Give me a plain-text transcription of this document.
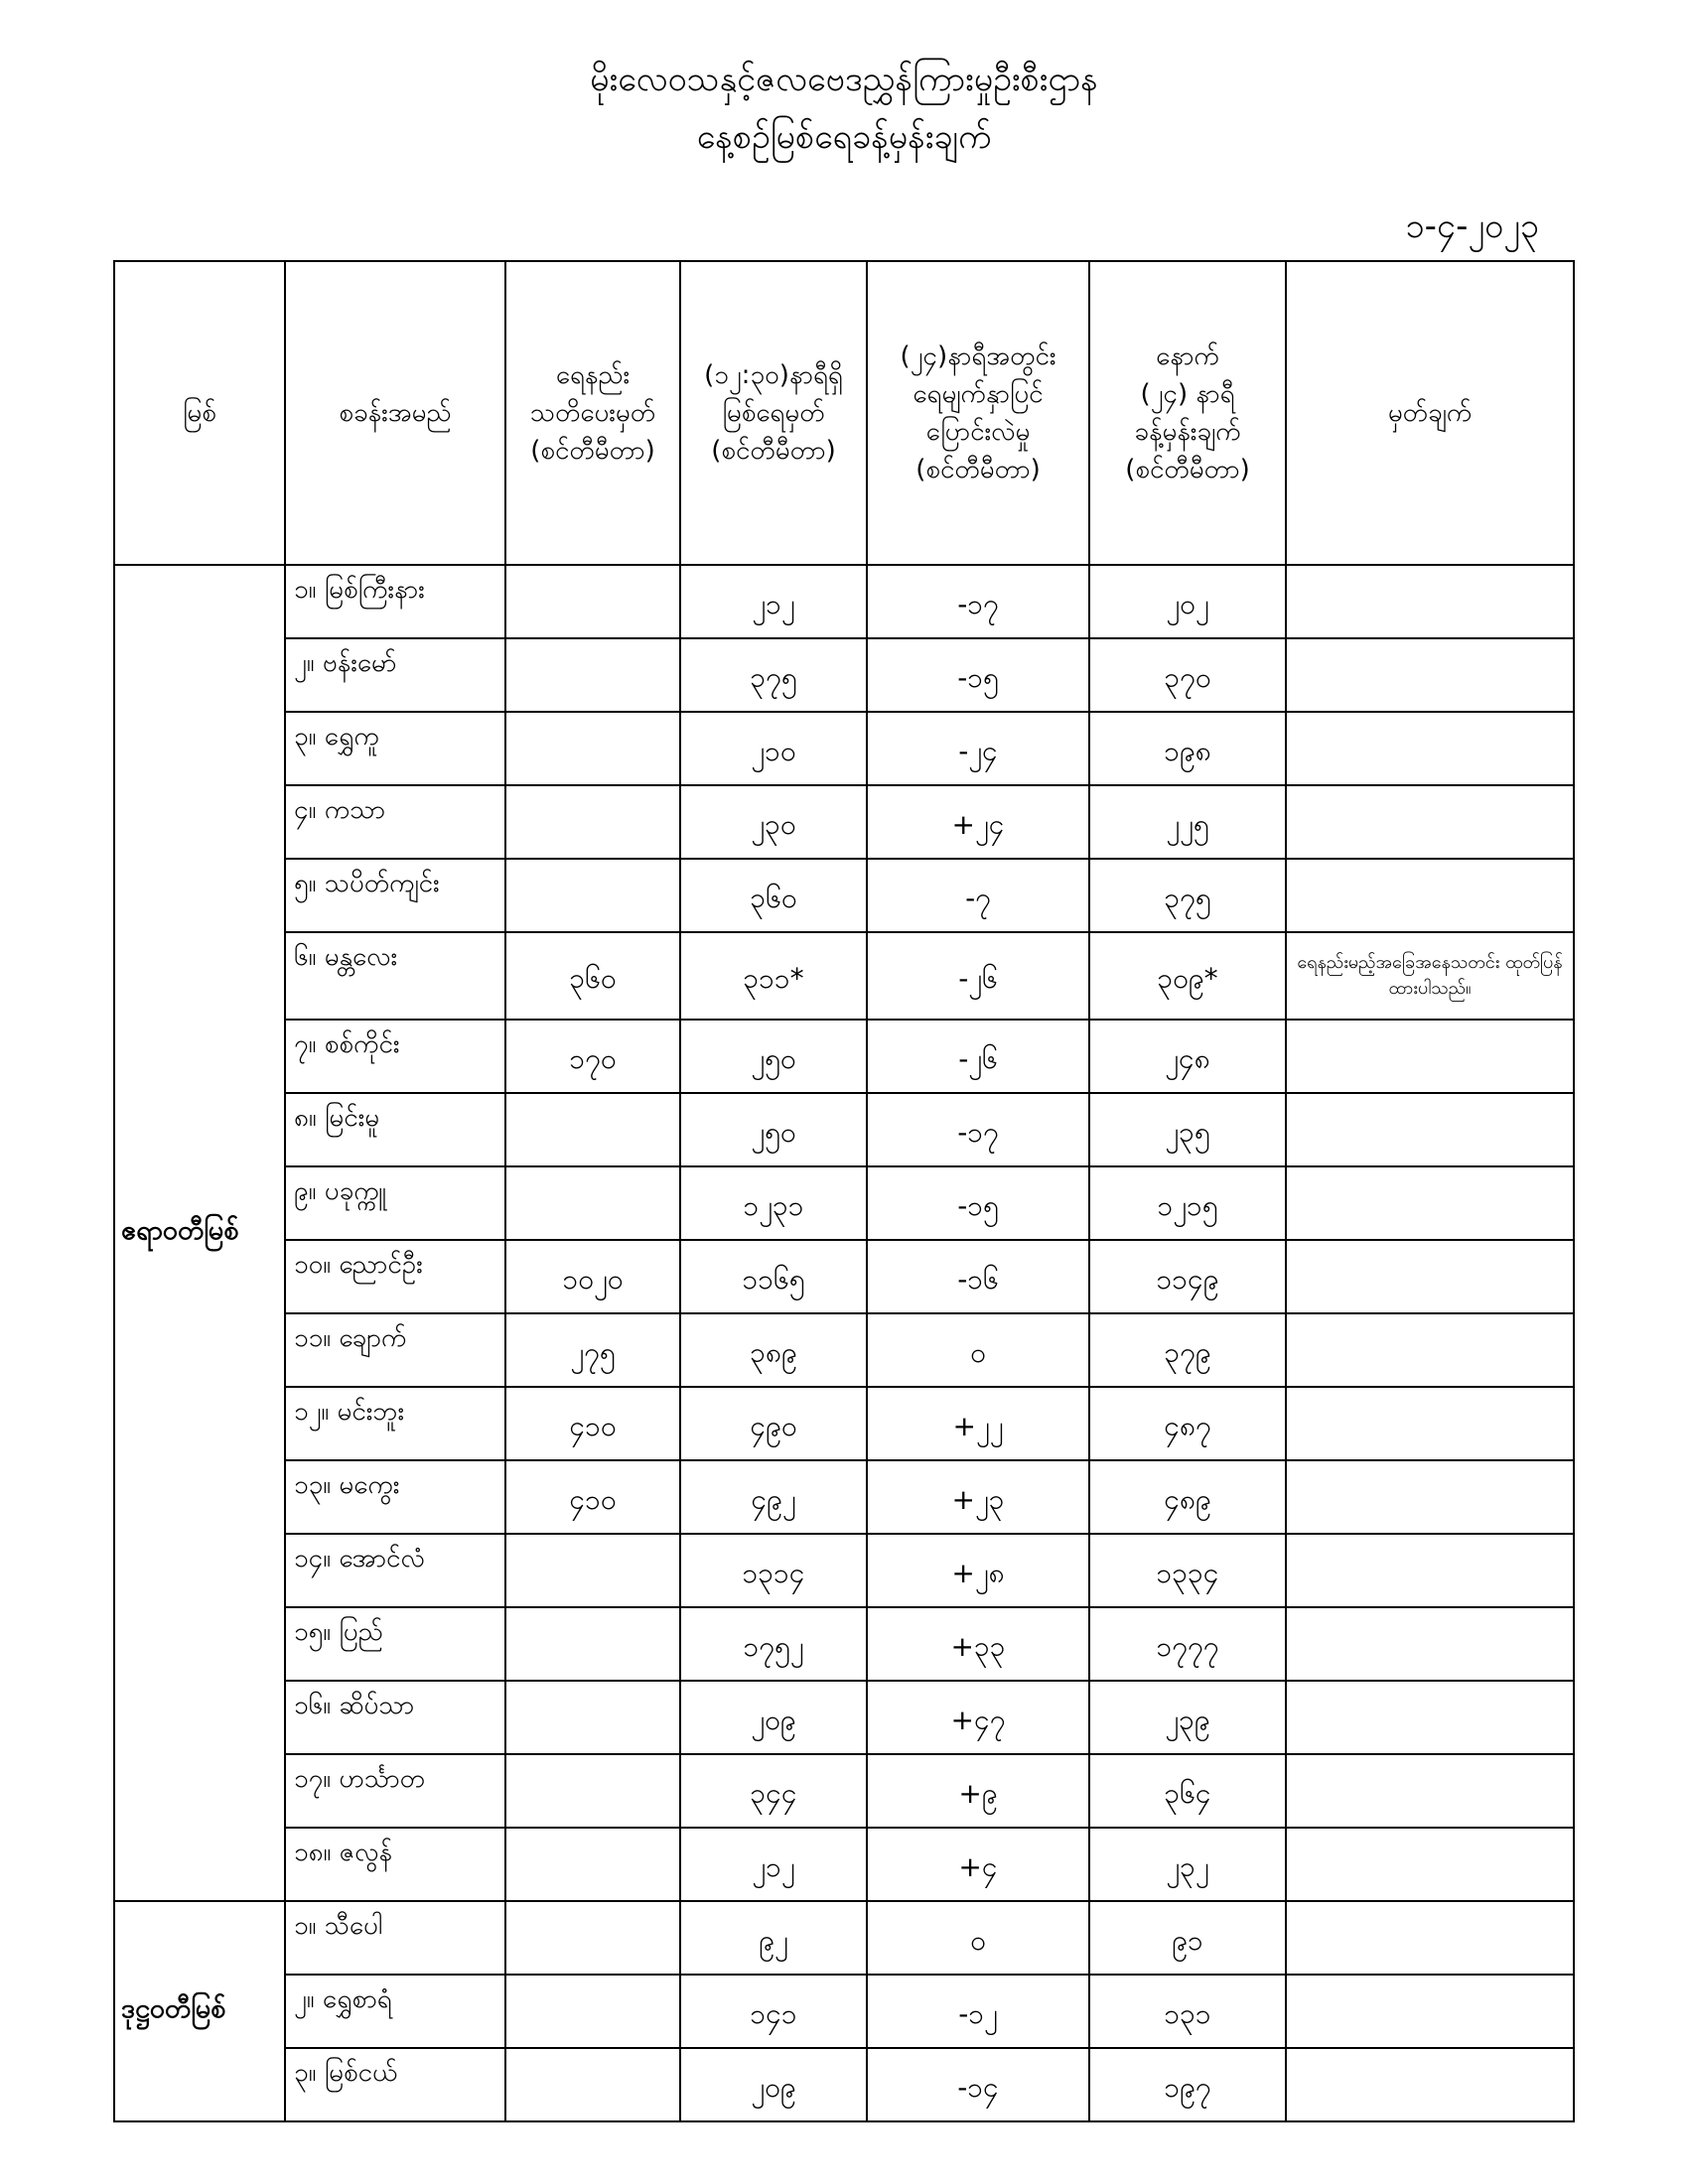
မိုးလေဝသနှင့်ဇလဗေဒညွှန်ကြားမှုဦးစီးဌာန
နေ့စဉ်မြစ်ရေခန့်မှန်းချက်
၁-၄-၂၀၂၃
မြစ်	စခန်းအမည်	ရေနည်း
သတိပေးမှတ်
(စင်တီမီတာ)	(၁၂:၃၀)နာရီရှိ
မြစ်ရေမှတ်
(စင်တီမီတာ)	(၂၄)နာရီအတွင်း
ရေမျက်နှာပြင်
ပြောင်းလဲမှု
(စင်တီမီတာ)	နောက်
(၂၄) နာရီ
ခန့်မှန်းချက်
(စင်တီမီတာ)	မှတ်ချက်

ဧရာဝတီမြစ်	၁။ မြစ်ကြီးနား		၂၁၂	-၁၇	၂၀၂	
	၂။ ဗန်းမော်		၃၇၅	-၁၅	၃၇၀	
	၃။ ရွှေကူ		၂၁၀	-၂၄	၁၉၈	
	၄။ ကသာ		၂၃၀	+၂၄	၂၂၅	
	၅။ သပိတ်ကျင်း		၃၆၀	-၇	၃၇၅	
	၆။ မန္တလေး	၃၆၀	၃၁၁*	-၂၆	၃၀၉*	ရေနည်းမည့်အခြေအနေသတင်း ထုတ်ပြန်ထားပါသည်။
	၇။ စစ်ကိုင်း	၁၇၀	၂၅၀	-၂၆	၂၄၈	
	၈။ မြင်းမူ		၂၅၀	-၁၇	၂၃၅	
	၉။ ပခုက္ကူ		၁၂၃၁	-၁၅	၁၂၁၅	
	၁၀။ ညောင်ဦး	၁၀၂၀	၁၁၆၅	-၁၆	၁၁၄၉	
	၁၁။ ချောက်	၂၇၅	၃၈၉	၀	၃၇၉	
	၁၂။ မင်းဘူး	၄၁၀	၄၉၀	+၂၂	၄၈၇	
	၁၃။ မကွေး	၄၁၀	၄၉၂	+၂၃	၄၈၉	
	၁၄။ အောင်လံ		၁၃၁၄	+၂၈	၁၃၃၄	
	၁၅။ ပြည်		၁၇၅၂	+၃၃	၁၇၇၇	
	၁၆။ ဆိပ်သာ		၂၀၉	+၄၇	၂၃၉	
	၁၇။ ဟင်္သာတ		၃၄၄	+၉	၃၆၄	
	၁၈။ ဇလွန်		၂၁၂	+၄	၂၃၂	
ဒုဋ္ဌဝတီမြစ်	၁။ သီပေါ		၉၂	၀	၉၁	
	၂။ ရွှေစာရံ		၁၄၁	-၁၂	၁၃၁	
	၃။ မြစ်ငယ်		၂၀၉	-၁၄	၁၉၇	
